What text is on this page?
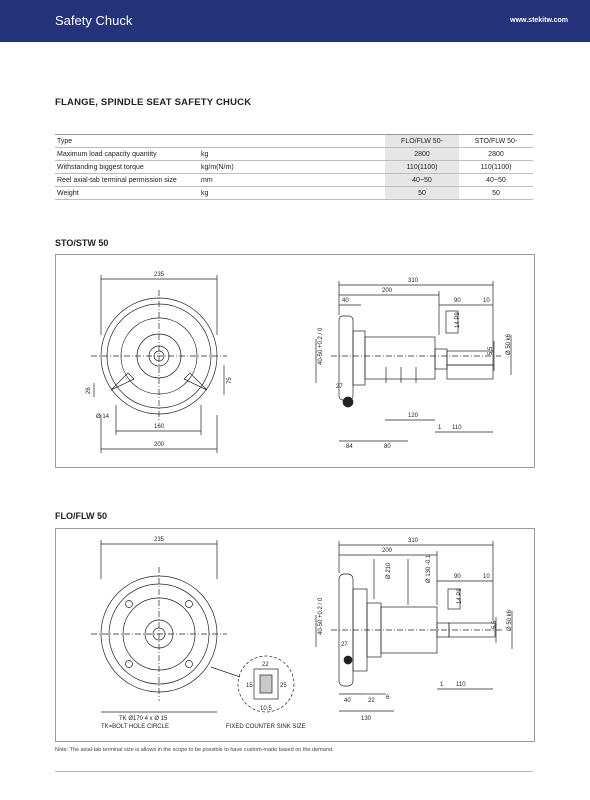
Safety Chuck	www.stekitw.com
FLANGE, SPINDLE SEAT SAFETY CHUCK
Type			FLO/FLW 50-	STO/FLW 50-
Maximum load capacity quantity	kg		2800	2800
Withstanding biggest torque	kg/m(N/m)		110(1100)	110(1100)
Reel axial-tab terminal permission size	mm		40~50	40~50
Weight	kg		50	50
STO/STW 50
235
160
200
Ø 14
26
75
310
200
40	90	10
14 P9
5,5 Ø 50 k6
40-50 +0.2 / 0
27
120
1 110
84	80
FLO/FLW 50
235
TK Ø170 4 x Ø 15
TK=BOLT HOLE CIRCLE	FIXED COUNTER SINK SIZE
22
15	25
10.5
310
200
Ø 210	Ø 130 -0.1	90	10
14 P9
5,5 Ø 50 k6
40-50 +0.2 / 0
27
1 110
40	22 6
130
Note: The axial-tab terminal size is allows in the scope to be possible to have custom-made based on the demand.
